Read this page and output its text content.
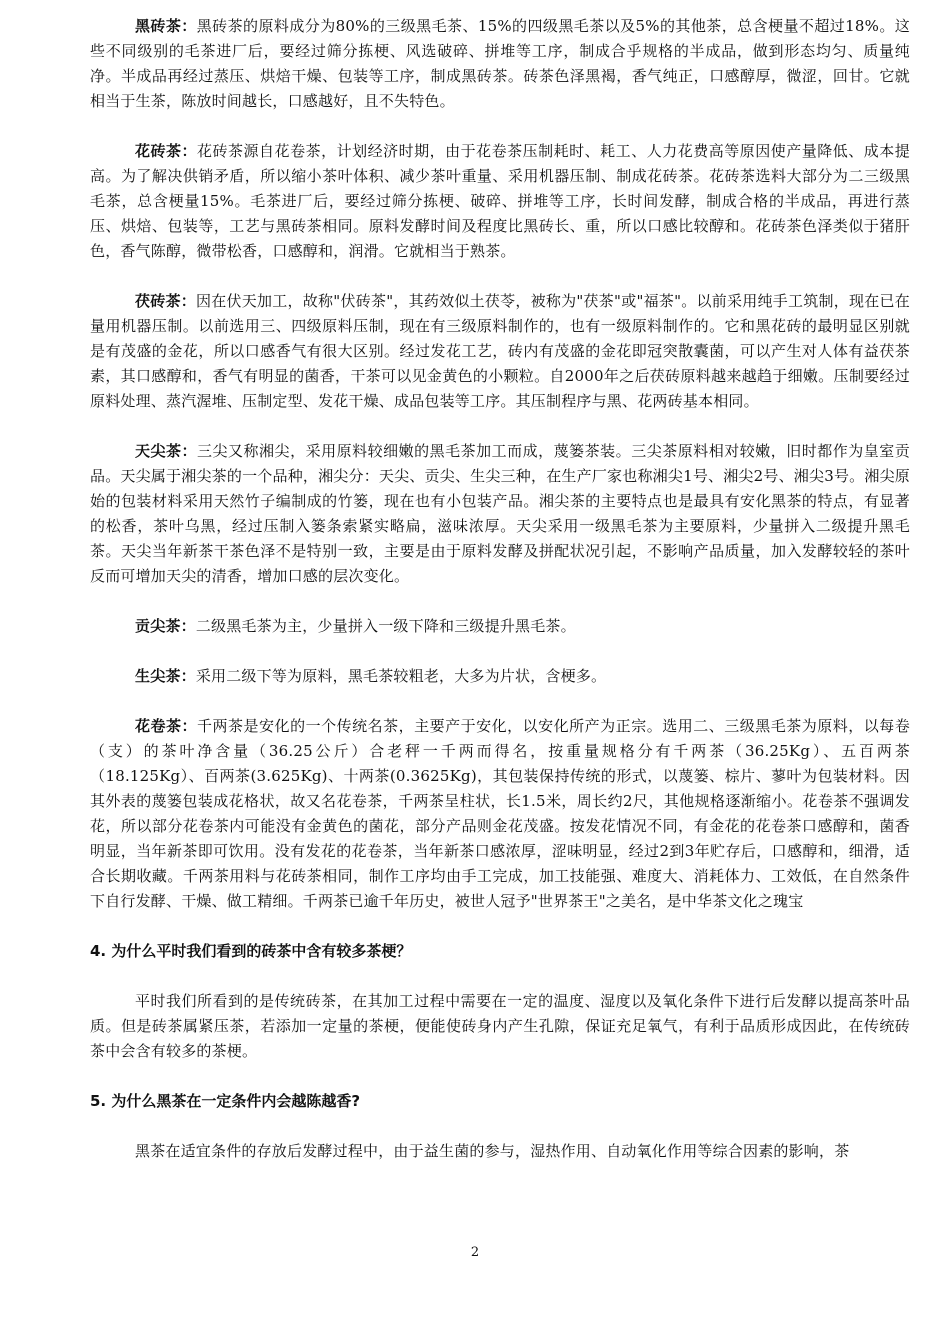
黑砖茶：黑砖茶的原料成分为80%的三级黑毛茶、15%的四级黑毛茶以及5%的其他茶，总含梗量不超过18%。这些不同级别的毛茶进厂后，要经过筛分拣梗、风选破碎、拼堆等工序，制成合乎规格的半成品，做到形态均匀、质量纯净。半成品再经过蒸压、烘焙干燥、包装等工序，制成黑砖茶。砖茶色泽黑褐，香气纯正，口感醇厚，微涩，回甘。它就相当于生茶，陈放时间越长，口感越好，且不失特色。

花砖茶：花砖茶源自花卷茶，计划经济时期，由于花卷茶压制耗时、耗工、人力花费高等原因使产量降低、成本提高。为了解决供销矛盾，所以缩小茶叶体积、减少茶叶重量、采用机器压制、制成花砖茶。花砖茶选料大部分为二三级黑毛茶，总含梗量15%。毛茶进厂后，要经过筛分拣梗、破碎、拼堆等工序，长时间发酵，制成合格的半成品，再进行蒸压、烘焙、包装等，工艺与黑砖茶相同。原料发酵时间及程度比黑砖长、重，所以口感比较醇和。花砖茶色泽类似于猪肝色，香气陈醇，微带松香，口感醇和，润滑。它就相当于熟茶。

茯砖茶：因在伏天加工，故称"伏砖茶"，其药效似土茯苓，被称为"茯茶"或"福茶"。以前采用纯手工筑制，现在已在量用机器压制。以前选用三、四级原料压制，现在有三级原料制作的，也有一级原料制作的。它和黑花砖的最明显区别就是有茂盛的金花，所以口感香气有很大区别。经过发花工艺，砖内有茂盛的金花即冠突散囊菌，可以产生对人体有益茯茶素，其口感醇和，香气有明显的菌香，干茶可以见金黄色的小颗粒。自2000年之后茯砖原料越来越趋于细嫩。压制要经过原料处理、蒸汽渥堆、压制定型、发花干燥、成品包装等工序。其压制程序与黑、花两砖基本相同。

天尖茶：三尖又称湘尖，采用原料较细嫩的黑毛茶加工而成，蔑篓茶装。三尖茶原料相对较嫩，旧时都作为皇室贡品。天尖属于湘尖茶的一个品种，湘尖分：天尖、贡尖、生尖三种，在生产厂家也称湘尖1号、湘尖2号、湘尖3号。湘尖原始的包装材料采用天然竹子编制成的竹篓，现在也有小包装产品。湘尖茶的主要特点也是最具有安化黑茶的特点，有显著的松香，茶叶乌黑，经过压制入篓条索紧实略扁，滋味浓厚。天尖采用一级黑毛茶为主要原料，少量拼入二级提升黑毛茶。天尖当年新茶干茶色泽不是特别一致，主要是由于原料发酵及拼配状况引起，不影响产品质量，加入发酵较轻的茶叶反而可增加天尖的清香，增加口感的层次变化。

贡尖茶：二级黑毛茶为主，少量拼入一级下降和三级提升黑毛茶。

生尖茶：采用二级下等为原料，黑毛茶较粗老，大多为片状，含梗多。

花卷茶：千两茶是安化的一个传统名茶，主要产于安化，以安化所产为正宗。选用二、三级黑毛茶为原料，以每卷（支）的茶叶净含量（36.25公斤）合老秤一千两而得名，按重量规格分有千两茶（36.25Kg）、五百两茶（18.125Kg）、百两茶(3.625Kg)、十两茶(0.3625Kg)，其包装保持传统的形式，以蔑篓、棕片、蓼叶为包装材料。因其外表的蔑篓包装成花格状，故又名花卷茶，千两茶呈柱状，长1.5米，周长约2尺，其他规格逐渐缩小。花卷茶不强调发花，所以部分花卷茶内可能没有金黄色的菌花，部分产品则金花茂盛。按发花情况不同，有金花的花卷茶口感醇和，菌香明显，当年新茶即可饮用。没有发花的花卷茶，当年新茶口感浓厚，涩味明显，经过2到3年贮存后，口感醇和，细滑，适合长期收藏。千两茶用料与花砖茶相同，制作工序均由手工完成，加工技能强、难度大、消耗体力、工效低，在自然条件下自行发酵、干燥、做工精细。千两茶已逾千年历史，被世人冠予"世界茶王"之美名，是中华茶文化之瑰宝

4. 为什么平时我们看到的砖茶中含有较多茶梗？

平时我们所看到的是传统砖茶，在其加工过程中需要在一定的温度、湿度以及氧化条件下进行后发酵以提高茶叶品质。但是砖茶属紧压茶，若添加一定量的茶梗，便能使砖身内产生孔隙，保证充足氧气，有利于品质形成因此，在传统砖茶中会含有较多的茶梗。

5. 为什么黑茶在一定条件内会越陈越香?

黑茶在适宜条件的存放后发酵过程中，由于益生菌的参与，湿热作用、自动氧化作用等综合因素的影响，茶

2
